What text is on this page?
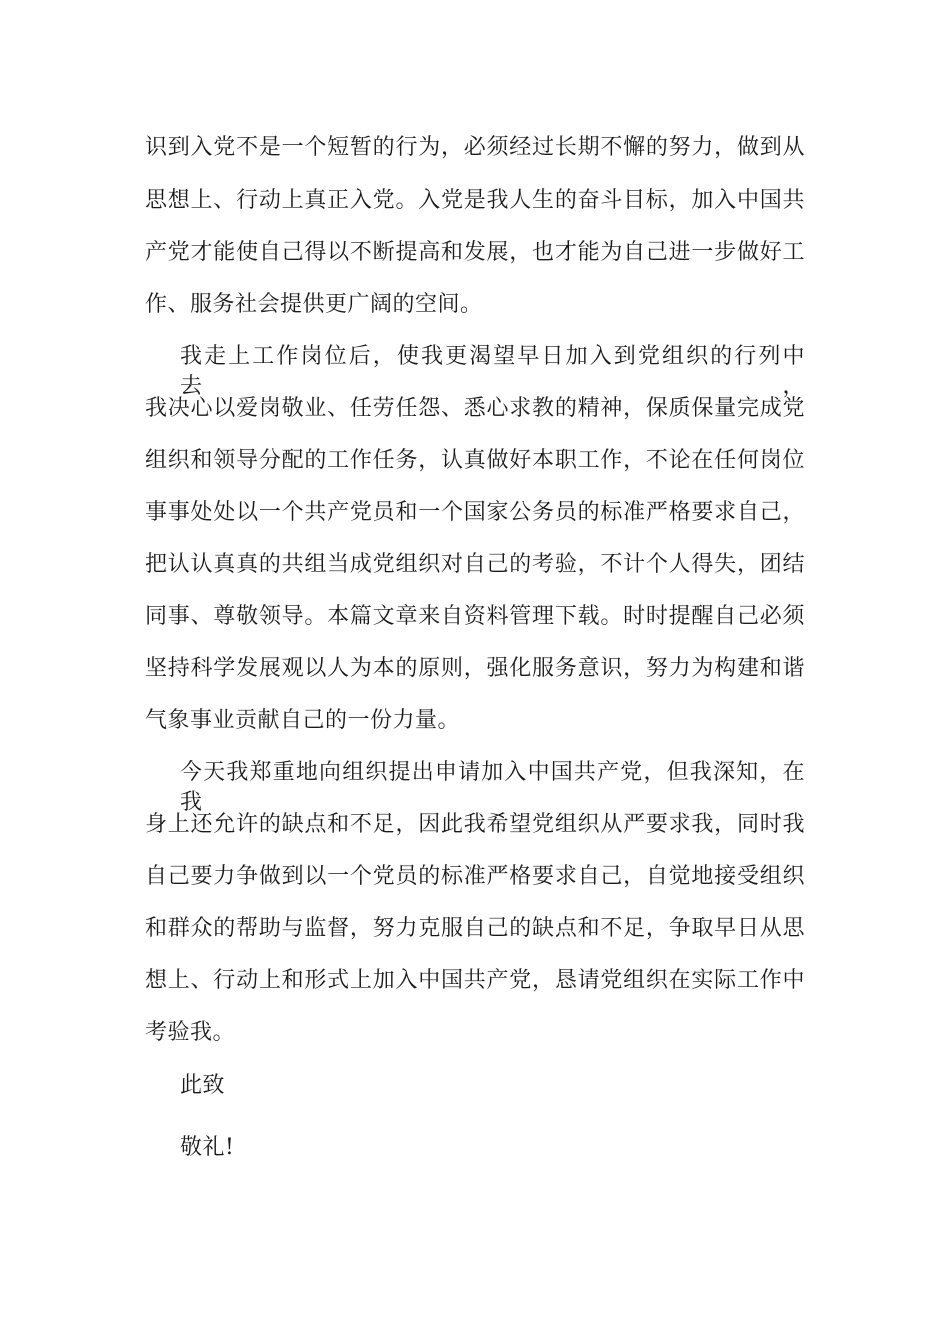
识到入党不是一个短暂的行为，必须经过长期不懈的努力，做到从

思想上、行动上真正入党。入党是我人生的奋斗目标，加入中国共

产党才能使自己得以不断提高和发展，也才能为自己进一步做好工

作、服务社会提供更广阔的空间。

我走上工作岗位后，使我更渴望早日加入到党组织的行列中去，

我决心以爱岗敬业、任劳任怨、悉心求教的精神，保质保量完成党

组织和领导分配的工作任务，认真做好本职工作，不论在任何岗位

事事处处以一个共产党员和一个国家公务员的标准严格要求自己，

把认认真真的共组当成党组织对自己的考验，不计个人得失，团结

同事、尊敬领导。本篇文章来自资料管理下载。时时提醒自己必须

坚持科学发展观以人为本的原则，强化服务意识，努力为构建和谐

气象事业贡献自己的一份力量。

今天我郑重地向组织提出申请加入中国共产党，但我深知，在我

身上还允许的缺点和不足，因此我希望党组织从严要求我，同时我

自己要力争做到以一个党员的标准严格要求自己，自觉地接受组织

和群众的帮助与监督，努力克服自己的缺点和不足，争取早日从思

想上、行动上和形式上加入中国共产党，恳请党组织在实际工作中

考验我。

此致

敬礼!
